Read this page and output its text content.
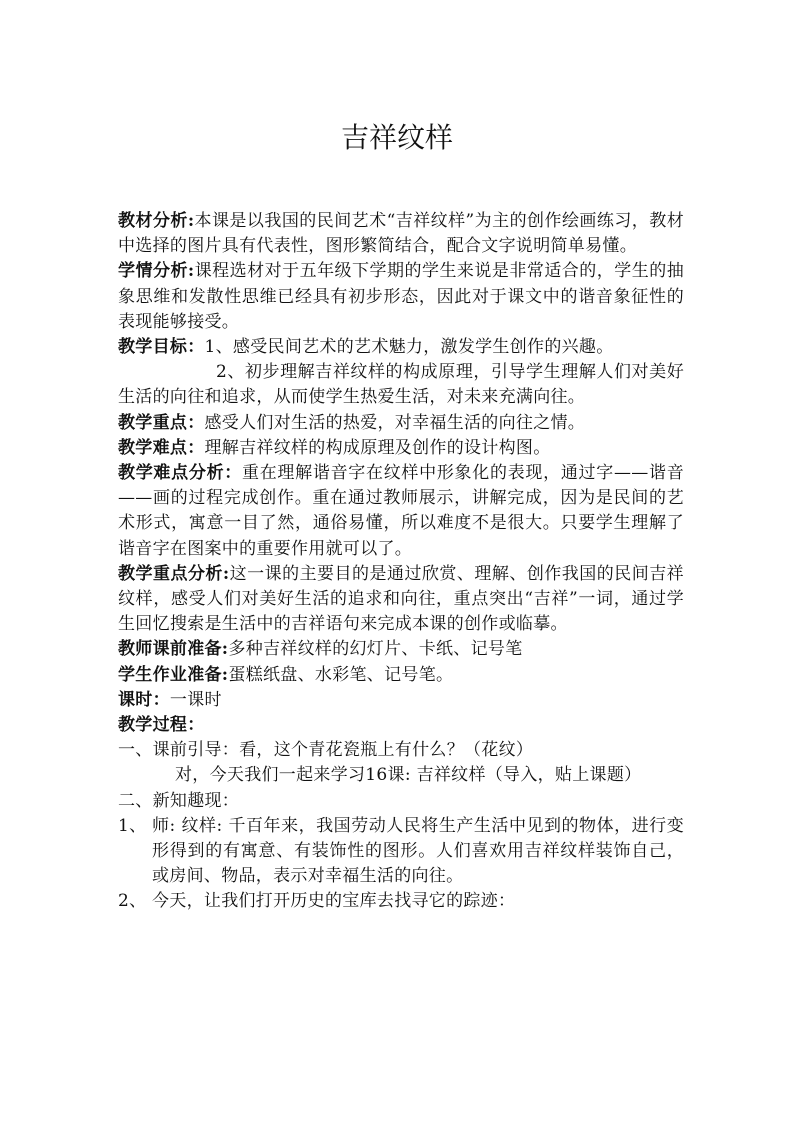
吉祥纹样

教材分析:本课是以我国的民间艺术“吉祥纹样”为主的创作绘画练习，教材中选择的图片具有代表性，图形繁简结合，配合文字说明简单易懂。

学情分析:课程选材对于五年级下学期的学生来说是非常适合的，学生的抽象思维和发散性思维已经具有初步形态，因此对于课文中的谐音象征性的表现能够接受。

教学目标：1、感受民间艺术的艺术魅力，激发学生创作的兴趣。

2、初步理解吉祥纹样的构成原理，引导学生理解人们对美好生活的向往和追求，从而使学生热爱生活，对未来充满向往。

教学重点：感受人们对生活的热爱，对幸福生活的向往之情。

教学难点：理解吉祥纹样的构成原理及创作的设计构图。

教学难点分析：重在理解谐音字在纹样中形象化的表现，通过字——谐音——画的过程完成创作。重在通过教师展示，讲解完成，因为是民间的艺术形式，寓意一目了然，通俗易懂，所以难度不是很大。只要学生理解了谐音字在图案中的重要作用就可以了。

教学重点分析:这一课的主要目的是通过欣赏、理解、创作我国的民间吉祥纹样，感受人们对美好生活的追求和向往，重点突出“吉祥”一词，通过学生回忆搜索是生活中的吉祥语句来完成本课的创作或临摹。

教师课前准备:多种吉祥纹样的幻灯片、卡纸、记号笔

学生作业准备:蛋糕纸盘、水彩笔、记号笔。

课时：一课时

教学过程：

一、课前引导：看，这个青花瓷瓶上有什么？（花纹）

对，今天我们一起来学习16课: 吉祥纹样（导入，贴上课题）

二、新知趣现：

1、 师: 纹样: 千百年来，我国劳动人民将生产生活中见到的物体，进行变形得到的有寓意、有装饰性的图形。人们喜欢用吉祥纹样装饰自己，或房间、物品，表示对幸福生活的向往。

2、 今天，让我们打开历史的宝库去找寻它的踪迹：
